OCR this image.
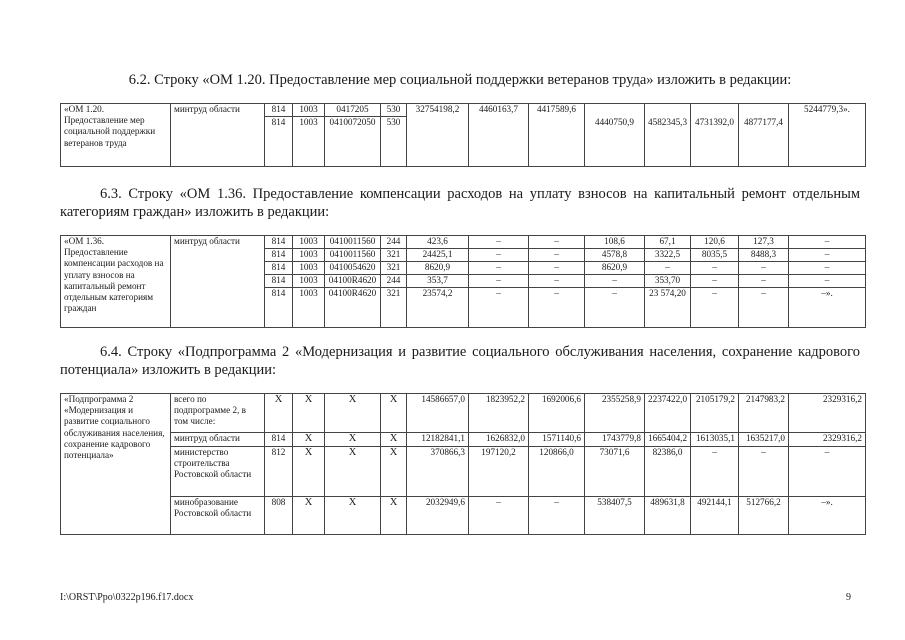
6.2. Строку «ОМ 1.20. Предоставление мер социальной поддержки ветеранов труда» изложить в редакции:
«ОМ 1.20. Предоставление мер социальной поддержки ветеранов труда	минтруд области	814	1003	0417205	530	32754198,2	4460163,7	4417589,6	4440750,9	4582345,3	4731392,0	4877177,4	5244779,3».
		814	1003	0410072050	530								
6.3. Строку «ОМ 1.36. Предоставление компенсации расходов на уплату взносов на капитальный ремонт отдельным категориям граждан» изложить в редакции:
«ОМ 1.36. Предоставление компенсации расходов на уплату взносов на капитальный ремонт отдельным категориям граждан	минтруд области	814	1003	0410011560	244	423,6	–	–	108,6	67,1	120,6	127,3	–
		814	1003	0410011560	321	24425,1	–	–	4578,8	3322,5	8035,5	8488,3	–
		814	1003	0410054620	321	8620,9	–	–	8620,9	–	–	–	–
		814	1003	04100R4620	244	353,7	–	–	–	353,70	–	–	–
		814	1003	04100R4620	321	23574,2	–	–	–	23 574,20	–	–	–».
6.4. Строку «Подпрограмма 2 «Модернизация и развитие социального обслуживания населения, сохранение кадрового потенциала» изложить в редакции:
«Подпрограмма 2 «Модернизация и развитие социального обслуживания населения, сохранение кадрового потенциала»	всего по подпрограмме 2, в том числе:	X	X	X	X	14586657,0	1823952,2	1692006,6	2355258,9	2237422,0	2105179,2	2147983,2	2329316,2
	минтруд области	814	X	X	X	12182841,1	1626832,0	1571140,6	1743779,8	1665404,2	1613035,1	1635217,0	2329316,2
	министерство строительства Ростовской области	812	X	X	X	370866,3	197120,2	120866,0	73071,6	82386,0	–	–	–
	минобразование Ростовской области	808	X	X	X	2032949,6	–	–	538407,5	489631,8	492144,1	512766,2	–».
I:\ORST\Ppo\0322p196.f17.docx	9
